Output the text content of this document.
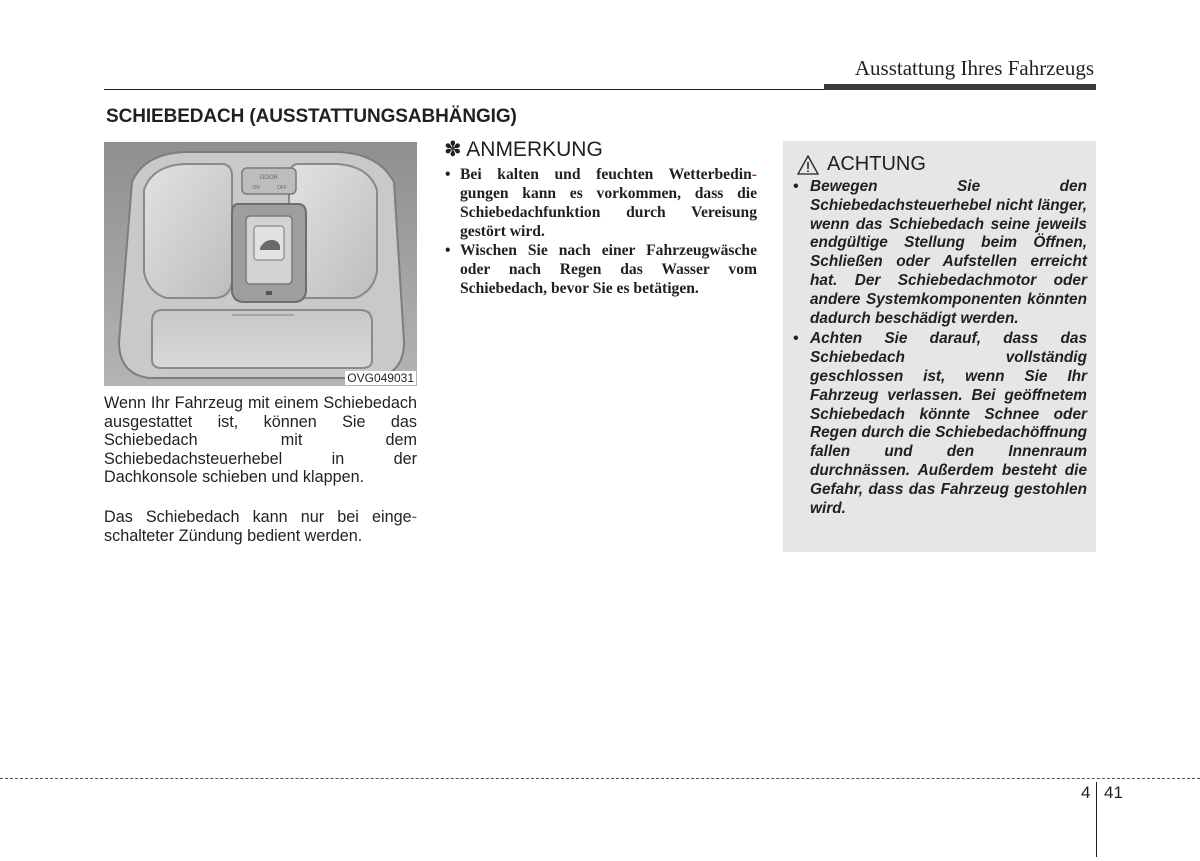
Ausstattung Ihres Fahrzeugs
SCHIEBEDACH (AUSSTATTUNGSABHÄNGIG)
DOOR
ON	OFF
OVG049031

Wenn Ihr Fahrzeug mit einem Schiebedach ausgestattet ist, können Sie das Schiebedach mit dem Schiebedachsteuerhebel in der Dachkonsole schieben und klappen.

Das Schiebedach kann nur bei einge- schalteter Zündung bedient werden.

✽ ANMERKUNG
• Bei kalten und feuchten Wetterbedin- gungen kann es vorkommen, dass die Schiebedachfunktion durch Vereisung gestört wird.
• Wischen Sie nach einer Fahrzeugwäsche oder nach Regen das Wasser vom Schiebedach, bevor Sie es betätigen.
ACHTUNG
• Bewegen Sie den Schiebedachsteuerhebel nicht länger, wenn das Schiebedach seine jeweils endgültige Stellung beim Öffnen, Schließen oder Aufstellen erreicht hat. Der Schiebedachmotor oder andere Systemkomponenten könnten dadurch beschädigt werden.
• Achten Sie darauf, dass das Schiebedach vollständig geschlossen ist, wenn Sie Ihr Fahrzeug verlassen. Bei geöffnetem Schiebedach könnte Schnee oder Regen durch die Schiebedachöffnung fallen und den Innenraum durchnässen. Außerdem besteht die Gefahr, dass das Fahrzeug gestohlen wird.
4 41
